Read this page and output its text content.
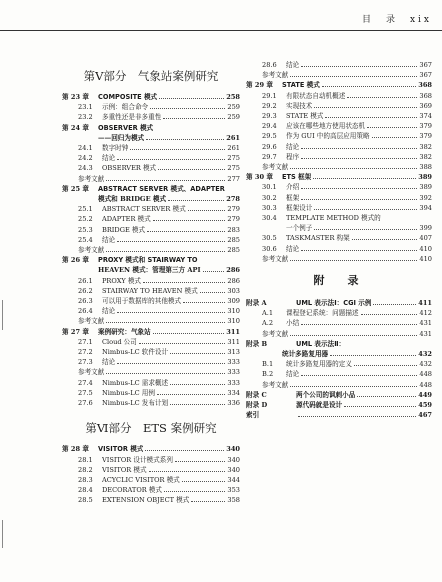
目　录　xix
第Ⅴ部分　气象站案例研究
第 23 章	COMPOSITE 模式	258
23.1	示例：组合命令	259
23.2	多重性还是非多重性	259
第 24 章	OBSERVER 模式
——回归为模式	261
24.1	数字时钟	261
24.2	结论	275
24.3	OBSERVER 模式	275
参考文献	277
第 25 章	ABSTRACT SERVER 模式、ADAPTER
模式和 BRIDGE 模式	278
25.1	ABSTRACT SERVER 模式	279
25.2	ADAPTER 模式	279
25.3	BRIDGE 模式	283
25.4	结论	285
参考文献	285
第 26 章	PROXY 模式和 STAIRWAY TO
HEAVEN 模式：管理第三方 API	286
26.1	PROXY 模式	286
26.2	STAIRWAY TO HEAVEN 模式	303
26.3	可以用于数据库的其他模式	309
26.4	结论	310
参考文献	310
第 27 章	案例研究：气象站	311
27.1	Cloud 公司	311
27.2	Nimbus-LC 软件设计	313
27.3	结论	333
参考文献	333
27.4	Nimbus-LC 需求概述	333
27.5	Nimbus-LC 用例	334
27.6	Nimbus-LC 发布计划	336
第Ⅵ部分　ETS 案例研究
第 28 章	VISITOR 模式	340
28.1	VISITOR 设计模式系列	340
28.2	VISITOR 模式	340
28.3	ACYCLIC VISITOR 模式	344
28.4	DECORATOR 模式	353
28.5	EXTENSION OBJECT 模式	358
28.6	结论	367
参考文献	367
第 29 章	STATE 模式	368
29.1	有限状态自动机概述	368
29.2	实现技术	369
29.3	STATE 模式	374
29.4	应该在哪些地方使用状态机	379
29.5	作为 GUI 中的高层应用策略	379
29.6	结论	382
29.7	程序	382
参考文献	388
第 30 章	ETS 框架	389
30.1	介绍	389
30.2	框架	392
30.3	框架设计	394
30.4	TEMPLATE METHOD 模式的
一个例子	399
30.5	TASKMASTER 构架	407
30.6	结论	410
参考文献	410
附　录
附录 A	UML 表示法Ⅰ：CGI 示例	411
A.1	课程登记系统：问题描述	412
A.2	小结	431
参考文献	431
附录 B	UML 表示法Ⅱ：
统计多路复用器	432
B.1	统计多路复用器的定义	432
B.2	结论	448
参考文献	448
附录 C	两个公司的讽刺小品	449
附录 D	源代码就是设计	459
索引	467
